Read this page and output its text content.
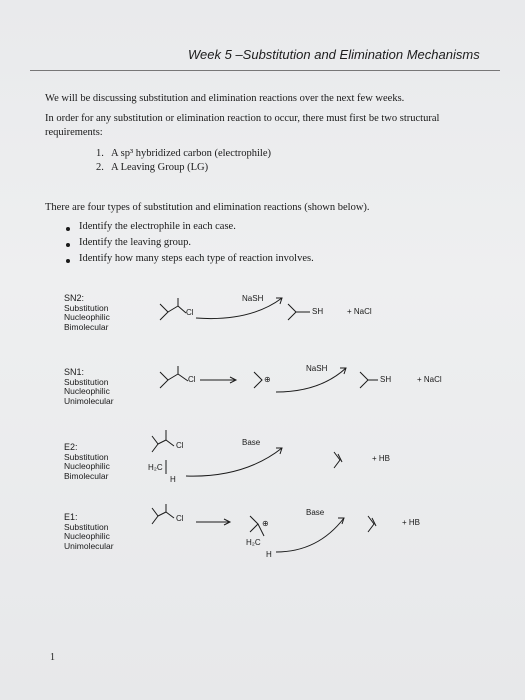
Week 5 –Substitution and Elimination Mechanisms
We will be discussing substitution and elimination reactions over the next few weeks.
In order for any substitution or elimination reaction to occur, there must first be two structural
requirements:
1. A sp³ hybridized carbon (electrophile)
2. A Leaving Group (LG)
There are four types of substitution and elimination reactions (shown below).
Identify the electrophile in each case.
Identify the leaving group.
Identify how many steps each type of reaction involves.
SN2:
Substitution
Nucleophilic
Bimolecular
SN1:
Substitution
Nucleophilic
Unimolecular
E2:
Substitution
Nucleophilic
Bimolecular
E1:
Substitution
Nucleophilic
Unimolecular
Cl
NaSH
SH	+ NaCl
Cl	⊕
NaSH
SH	+ NaCl
Cl
H₂C
H
Base
+ HB
Cl
⊕
H₂C
H
Base
+ HB
1
